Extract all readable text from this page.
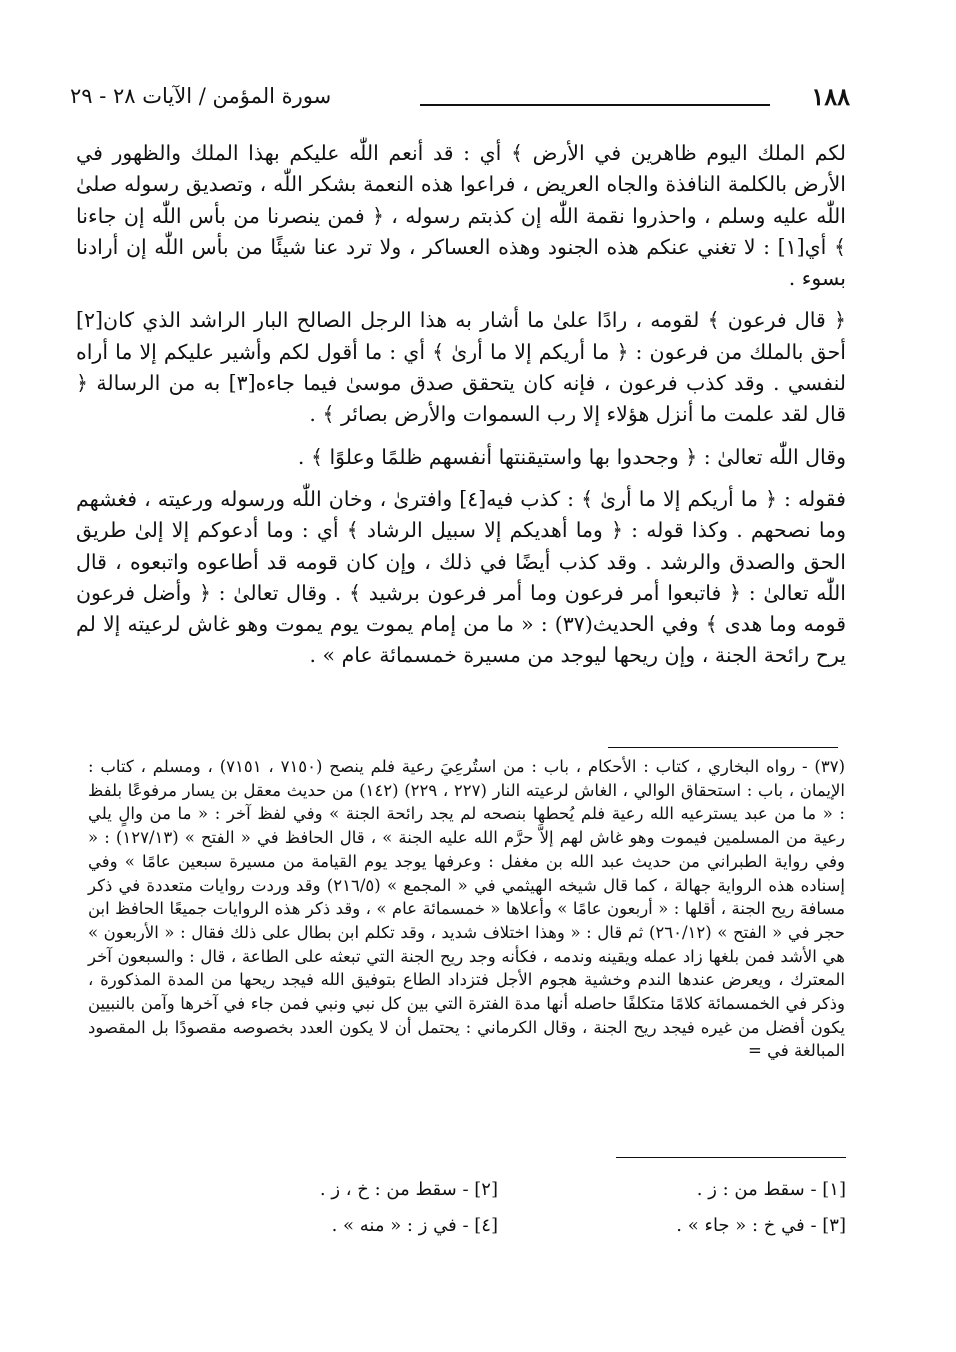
١٨٨
سورة المؤمن / الآيات ٢٨ - ٢٩

لكم الملك اليوم ظاهرين في الأرض ﴾ أي : قد أنعم اللّٰه عليكم بهذا الملك والظهور في الأرض بالكلمة النافذة والجاه العريض ، فراعوا هذه النعمة بشكر اللّٰه ، وتصديق رسوله صلىٰ اللّٰه عليه وسلم ، واحذروا نقمة اللّٰه إن كذبتم رسوله ، ﴿ فمن ينصرنا من بأس اللّٰه إن جاءنا ﴾ أي[١] : لا تغني عنكم هذه الجنود وهذه العساكر ، ولا ترد عنا شيئًا من بأس اللّٰه إن أرادنا بسوء .

﴿ قال فرعون ﴾ لقومه ، رادًا علىٰ ما أشار به هذا الرجل الصالح البار الراشد الذي كان[٢] أحق بالملك من فرعون : ﴿ ما أريكم إلا ما أرىٰ ﴾ أي : ما أقول لكم وأشير عليكم إلا ما أراه لنفسي . وقد كذب فرعون ، فإنه كان يتحقق صدق موسىٰ فيما جاءه[٣] به من الرسالة ﴿ قال لقد علمت ما أنزل هؤلاء إلا رب السموات والأرض بصائر ﴾ .

وقال اللّٰه تعالىٰ : ﴿ وجحدوا بها واستيقنتها أنفسهم ظلمًا وعلوًا ﴾ .

فقوله : ﴿ ما أريكم إلا ما أرىٰ ﴾ : كذب فيه[٤] وافترىٰ ، وخان اللّٰه ورسوله ورعيته ، فغشهم وما نصحهم . وكذا قوله : ﴿ وما أهديكم إلا سبيل الرشاد ﴾ أي : وما أدعوكم إلا إلىٰ طريق الحق والصدق والرشد . وقد كذب أيضًا في ذلك ، وإن كان قومه قد أطاعوه واتبعوه ، قال اللّٰه تعالىٰ : ﴿ فاتبعوا أمر فرعون وما أمر فرعون برشيد ﴾ . وقال تعالىٰ : ﴿ وأضل فرعون قومه وما هدى ﴾ وفي الحديث(٣٧) : « ما من إمام يموت يوم يموت وهو غاش لرعيته إلا لم يرح رائحة الجنة ، وإن ريحها ليوجد من مسيرة خمسمائة عام » .

(٣٧) - رواه البخاري ، كتاب : الأحكام ، باب : من استُرعِيَ رعية فلم ينصح (٧١٥٠ ، ٧١٥١) ، ومسلم ، كتاب : الإيمان ، باب : استحقاق الوالي ، الغاش لرعيته النار (٢٢٧ ، ٢٢٩) (١٤٢) من حديث معقل بن يسار مرفوعًا بلفظ : « ما من عبد يسترعيه الله رعية فلم يُحطها بنصحه لم يجد رائحة الجنة » وفي لفظ آخر : « ما من والٍ يلي رعية من المسلمين فيموت وهو غاش لهم إلاَّ حرَّم الله عليه الجنة » ، قال الحافظ في « الفتح » (١٢٧/١٣) : « وفي رواية الطبراني من حديث عبد الله بن مغفل : وعرفها يوجد يوم القيامة من مسيرة سبعين عامًا » وفي إسناده هذه الرواية جهالة ، كما قال شيخه الهيثمي في « المجمع » (٢١٦/٥) وقد وردت روايات متعددة في ذكر مسافة ريح الجنة ، أقلها : « أربعون عامًا » وأعلاها « خمسمائة عام » ، وقد ذكر هذه الروايات جميعًا الحافظ ابن حجر في « الفتح » (٢٦٠/١٢) ثم قال : « وهذا اختلاف شديد ، وقد تكلم ابن بطال على ذلك فقال : « الأربعون » هي الأشد فمن بلغها زاد عمله ويقينه وندمه ، فكأنه وجد ريح الجنة التي تبعثه على الطاعة ، قال : والسبعون آخر المعترك ، ويعرض عندها الندم وخشية هجوم الأجل فتزداد الطاع بتوفيق الله فيجد ريحها من المدة المذكورة ، وذكر في الخمسمائة كلامًا متكلفًا حاصله أنها مدة الفترة التي بين كل نبي ونبي فمن جاء في آخرها وآمن بالنبيين يكون أفضل من غيره فيجد ريح الجنة ، وقال الكرماني : يحتمل أن لا يكون العدد بخصوصه مقصودًا بل المقصود المبالغة في =
[١] - سقط من : ز .
[٢] - سقط من : خ ، ز .
[٣] - في خ : « جاء » .
[٤] - في ز : « منه » .
